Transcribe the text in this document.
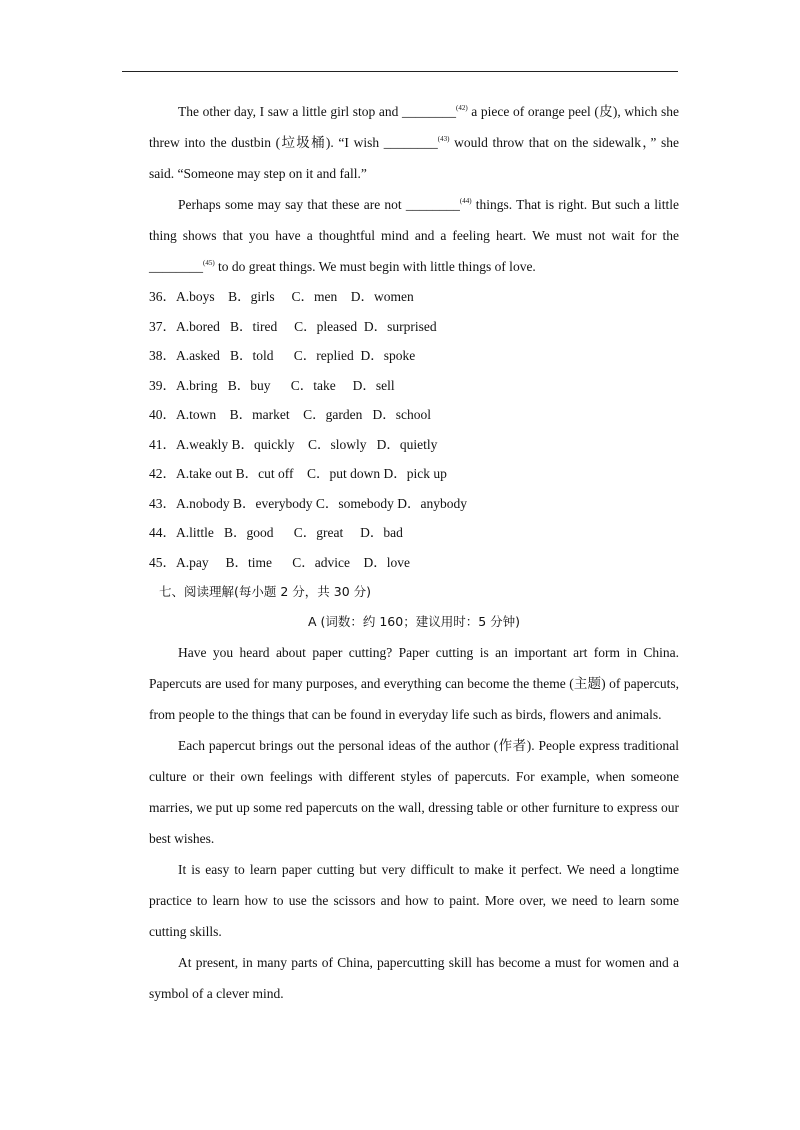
The other day, I saw a little girl stop and ________$^{(42)}$ a piece of orange peel (皮), which she threw into the dustbin (垃圾桶). “I wish ________$^{(43)}$ would throw that on the sidewalk，” she said. “Someone may step on it and fall.”

Perhaps some may say that these are not ________$^{(44)}$ things. That is right. But such a little thing shows that you have a thoughtful mind and a feeling heart. We must not wait for the ________$^{(45)}$ to do great things. We must begin with little things of love.

36．A.boys    B．girls     C．men    D．women
37．A.bored   B．tired     C．pleased  D．surprised
38．A.asked   B．told      C．replied  D．spoke
39．A.bring   B．buy      C．take     D．sell
40．A.town    B．market    C．garden   D．school
41．A.weakly B．quickly    C．slowly   D．quietly
42．A.take out B．cut off    C．put down D．pick up
43．A.nobody B．everybody C．somebody D．anybody
44．A.little   B．good      C．great     D．bad
45．A.pay     B．time      C．advice    D．love
七、阅读理解(每小题 2 分，共 30 分)
A (词数：约 160；建议用时：5 分钟)

Have you heard about paper cutting? Paper cutting is an important art form in China. Papercuts are used for many purposes, and everything can become the theme (主题) of papercuts, from people to the things that can be found in everyday life such as birds, flowers and animals.

Each papercut brings out the personal ideas of the author (作者). People express traditional culture or their own feelings with different styles of papercuts. For example, when someone marries, we put up some red papercuts on the wall, dressing table or other furniture to express our best wishes.

It is easy to learn paper cutting but very difficult to make it perfect. We need a longtime practice to learn how to use the scissors and how to paint. More over, we need to learn some cutting skills.

At present, in many parts of China, papercutting skill has become a must for women and a symbol of a clever mind.
